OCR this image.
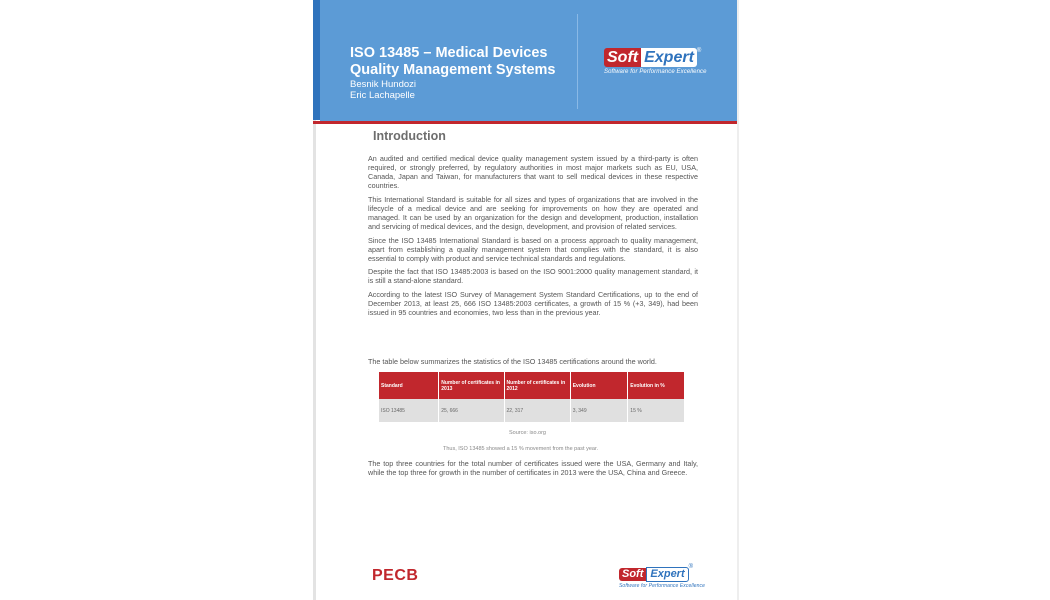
ISO 13485 – Medical Devices
Quality Management Systems
Besnik Hundozi
Eric Lachapelle
Soft Expert ®
Software for Performance Excellence
Introduction

An audited and certified medical device quality management system issued by a third-party is often required, or strongly preferred, by regulatory authorities in most major markets such as EU, USA, Canada, Japan and Taiwan, for manufacturers that want to sell medical devices in these respective countries.

This International Standard is suitable for all sizes and types of organizations that are involved in the lifecycle of a medical device and are seeking for improvements on how they are operated and managed. It can be used by an organization for the design and development, production, installation and servicing of medical devices, and the design, development, and provision of related services.

Since the ISO 13485 International Standard is based on a process approach to quality management, apart from establishing a quality management system that complies with the standard, it is also essential to comply with product and service technical standards and regulations.

Despite the fact that ISO 13485:2003 is based on the ISO 9001:2000 quality management standard, it is still a stand-alone standard.

According to the latest ISO Survey of Management System Standard Certifications, up to the end of December 2013, at least 25, 666 ISO 13485:2003 certificates, a growth of 15 % (+3, 349), had been issued in 95 countries and economies, two less than in the previous year.

The table below summarizes the statistics of the ISO 13485 certifications around the world.
Standard	Number of certificates in 2013	Number of certificates in 2012	Evolution	Evolution in %
ISO 13485	25, 666	22, 317	3, 349	15 %
Source: iso.org
Thus, ISO 13485 showed a 15 % movement from the past year.
The top three countries for the total number of certificates issued were the USA, Germany and Italy, while the top three for growth in the number of certificates in 2013 were the USA, China and Greece.
PECB	Soft Expert®
Software for Performance Excellence
